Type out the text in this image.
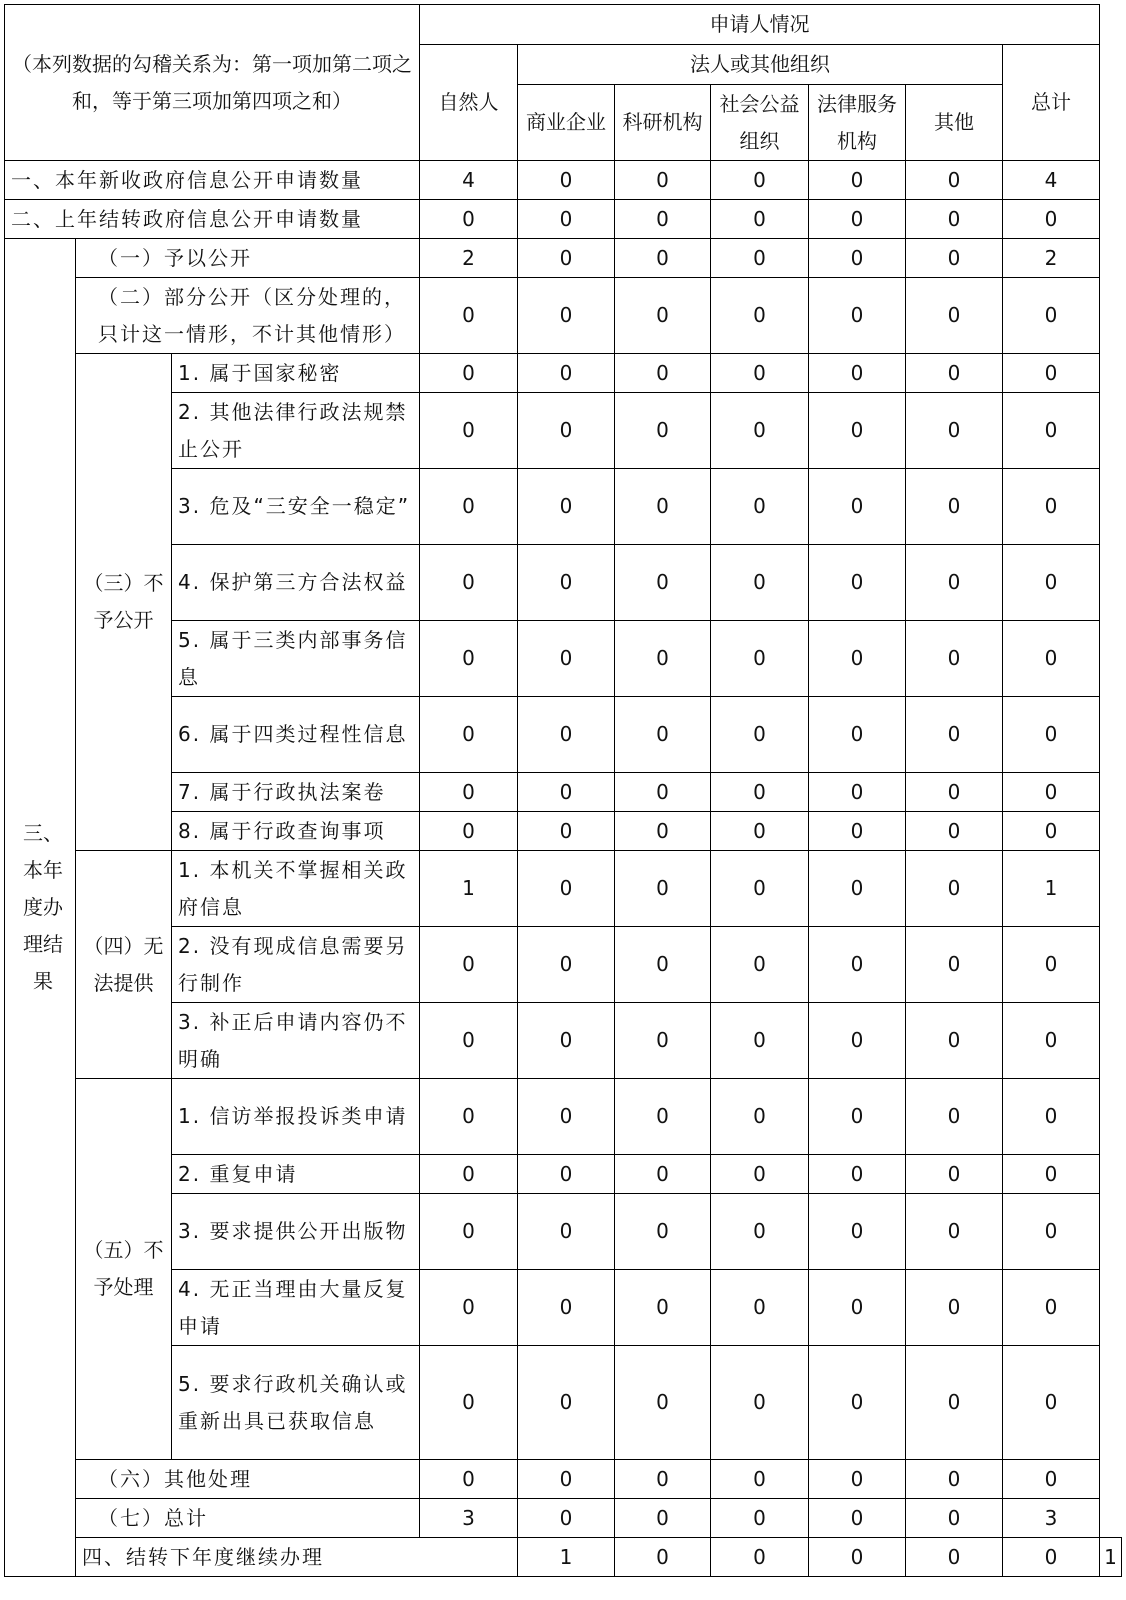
（本列数据的勾稽关系为：第一项加第二项之和，等于第三项加第四项之和）			申请人情况							
			自然人	法人或其他组织					总计	
				商业企业	科研机构	社会公益组织	法律服务机构	其他		

一、本年新收政府信息公开申请数量			4	0	0	0	0	0	4	
二、上年结转政府信息公开申请数量			0	0	0	0	0	0	0	
三、本年度办理结果	（一）予以公开		2	0	0	0	0	0	2	
	（二）部分公开（区分处理的，只计这一情形，不计其他情形）		0	0	0	0	0	0	0	
	（三）不予公开	1. 属于国家秘密	0	0	0	0	0	0	0	
		2. 其他法律行政法规禁止公开	0	0	0	0	0	0	0	
		3. 危及“三安全一稳定”	0	0	0	0	0	0	0	
		4. 保护第三方合法权益	0	0	0	0	0	0	0	
		5. 属于三类内部事务信息	0	0	0	0	0	0	0	
		6. 属于四类过程性信息	0	0	0	0	0	0	0	
		7. 属于行政执法案卷	0	0	0	0	0	0	0	
		8. 属于行政查询事项	0	0	0	0	0	0	0	
	（四）无法提供	1. 本机关不掌握相关政府信息	1	0	0	0	0	0	1	
		2. 没有现成信息需要另行制作	0	0	0	0	0	0	0	
		3. 补正后申请内容仍不明确	0	0	0	0	0	0	0	
	（五）不予处理	1. 信访举报投诉类申请	0	0	0	0	0	0	0	
		2. 重复申请	0	0	0	0	0	0	0	
		3. 要求提供公开出版物	0	0	0	0	0	0	0	
		4. 无正当理由大量反复申请	0	0	0	0	0	0	0	
		5. 要求行政机关确认或重新出具已获取信息	0	0	0	0	0	0	0	
	（六）其他处理		0	0	0	0	0	0	0	
	（七）总计		3	0	0	0	0	0	3	
	四、结转下年度继续办理			1	0	0	0	0	0	1
